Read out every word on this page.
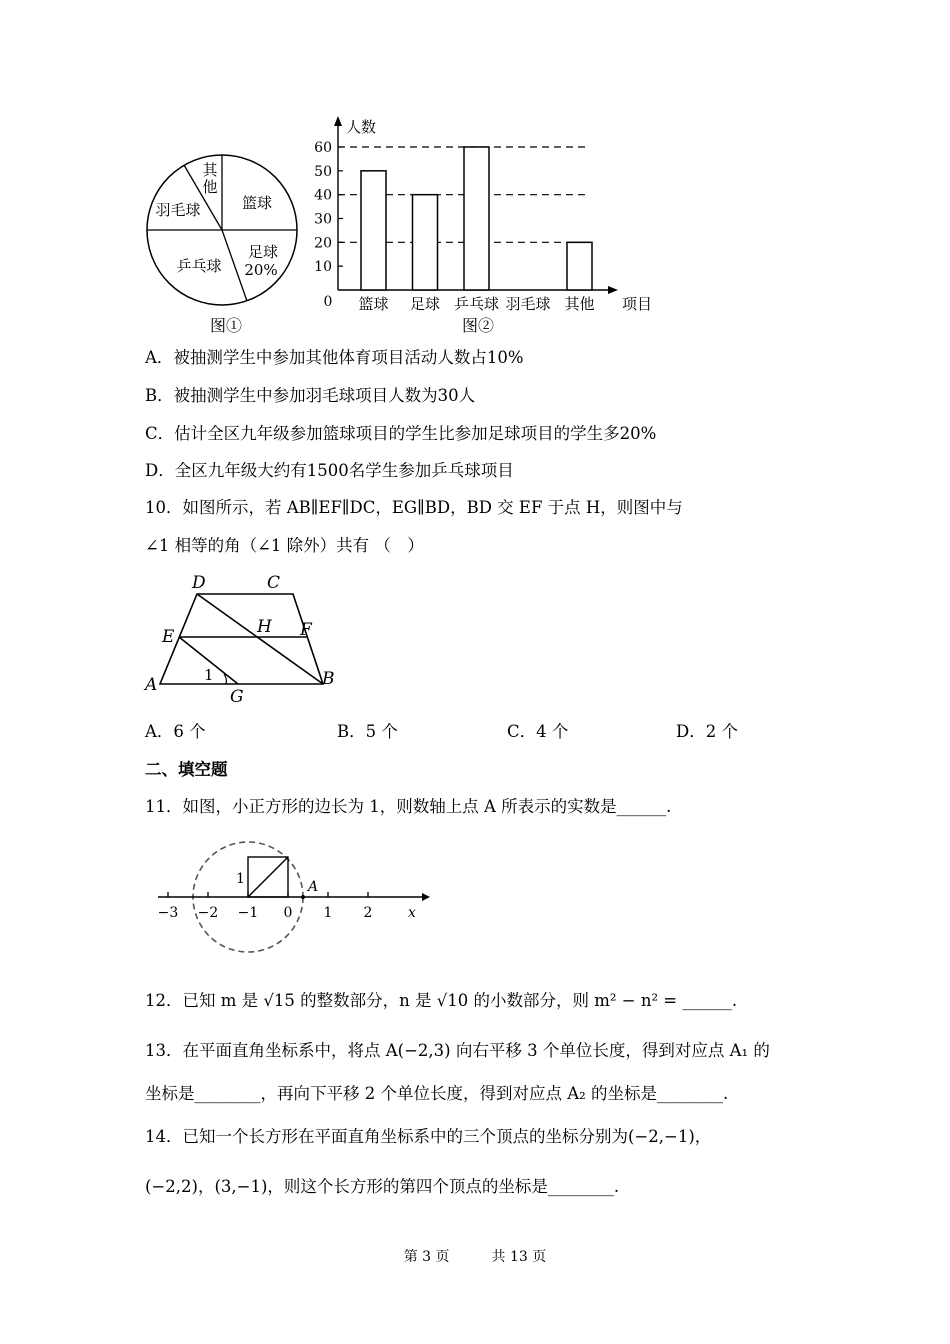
其他
篮球
羽毛球
足球
20%
乒乓球
图①
人数
项目
0
10
20
30
40
50
60
篮球 足球 乒乓球 羽毛球 其他
图②
A．被抽测学生中参加其他体育项目活动人数占10%
B．被抽测学生中参加羽毛球项目人数为30人
C．估计全区九年级参加篮球项目的学生比参加足球项目的学生多20%
D．全区九年级大约有1500名学生参加乒乓球项目
10．如图所示，若 AB∥EF∥DC，EG∥BD，BD 交 EF 于点 H，则图中与
∠1 相等的角（∠1 除外）共有 （　）
D	C
E	H F
A
G
B
1
A．6 个	B．5 个	C．4 个	D．2 个
二、填空题
11．如图，小正方形的边长为 1，则数轴上点 A 所表示的实数是______.
−3 −2 −1 0 1 2
1	A
x
12．已知 m 是 √15 的整数部分，n 是 √10 的小数部分，则 m² − n² = ______.
13．在平面直角坐标系中，将点 A(−2,3) 向右平移 3 个单位长度，得到对应点 A₁ 的
坐标是________，再向下平移 2 个单位长度，得到对应点 A₂ 的坐标是________.
14．已知一个长方形在平面直角坐标系中的三个顶点的坐标分别为(−2,−1)，
(−2,2)，(3,−1)，则这个长方形的第四个顶点的坐标是________.
第 3 页　　　共 13 页
